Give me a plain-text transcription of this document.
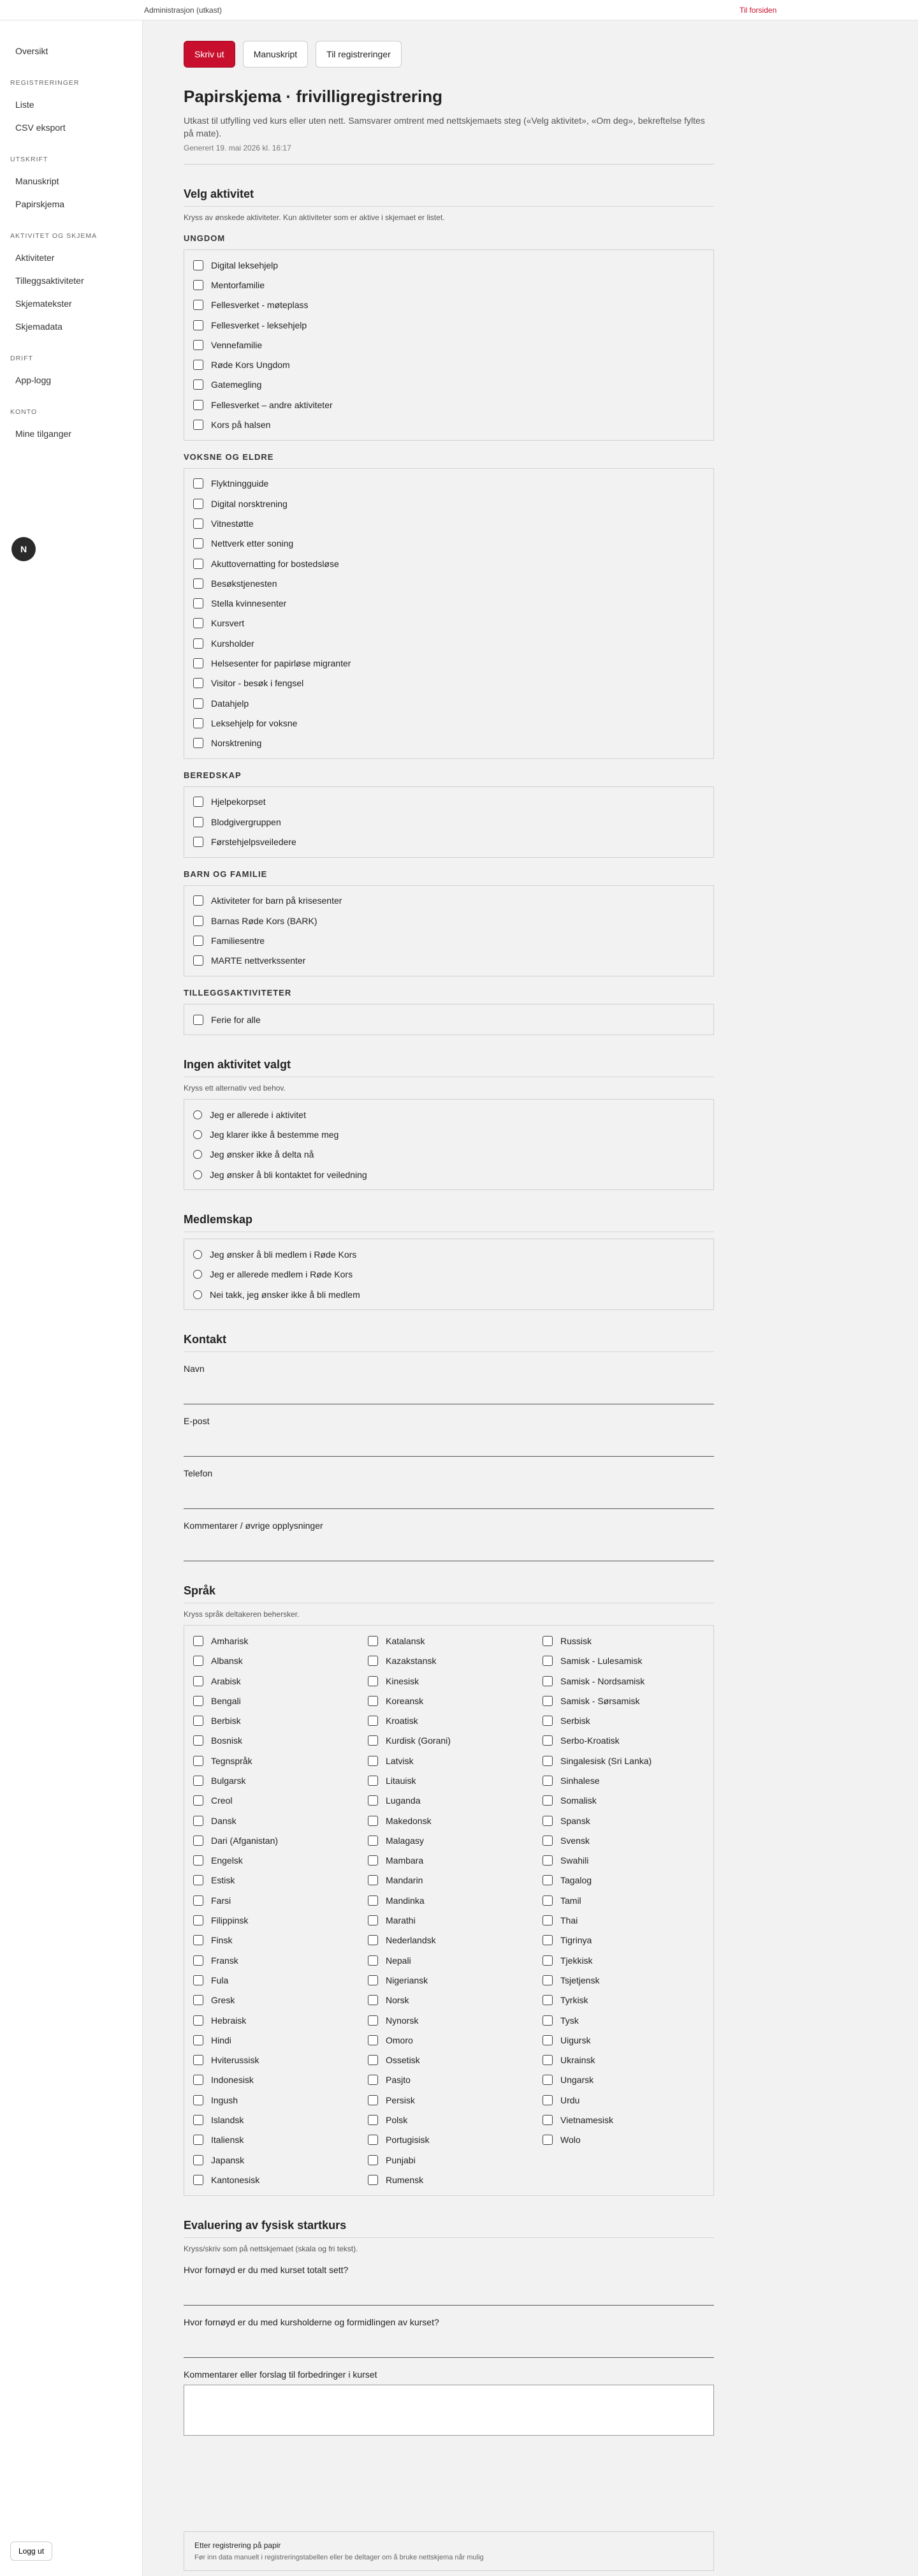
Administrasjon (utkast)	Til forsiden
Oversikt
REGISTRERINGER
Liste
CSV eksport
UTSKRIFT
Manuskript
Papirskjema
AKTIVITET OG SKJEMA
Aktiviteter
Tilleggsaktiviteter
Skjematekster
Skjemadata
DRIFT
App-logg
KONTO
Mine tilganger
N
Logg ut
Skriv ut	Manuskript	Til registreringer
Papirskjema · frivilligregistrering

Utkast til utfylling ved kurs eller uten nett. Samsvarer omtrent med nettskjemaets steg («Velg aktivitet», «Om deg», bekreftelse fyltes på mate).

Generert 19. mai 2026 kl. 16:17

Velg aktivitet

Kryss av ønskede aktiviteter. Kun aktiviteter som er aktive i skjemaet er listet.

UNGDOM
Digital leksehjelp
Mentorfamilie
Fellesverket - møteplass
Fellesverket - leksehjelp
Vennefamilie
Røde Kors Ungdom
Gatemegling
Fellesverket – andre aktiviteter
Kors på halsen
VOKSNE OG ELDRE
Flyktningguide
Digital norsktrening
Vitnestøtte
Nettverk etter soning
Akuttovernatting for bostedsløse
Besøkstjenesten
Stella kvinnesenter
Kursvert
Kursholder
Helsesenter for papirløse migranter
Visitor - besøk i fengsel
Datahjelp
Leksehjelp for voksne
Norsktrening
BEREDSKAP
Hjelpekorpset
Blodgivergruppen
Førstehjelpsveiledere
BARN OG FAMILIE
Aktiviteter for barn på krisesenter
Barnas Røde Kors (BARK)
Familiesentre
MARTE nettverkssenter
TILLEGGSAKTIVITETER
Ferie for alle
Ingen aktivitet valgt

Kryss ett alternativ ved behov.

Jeg er allerede i aktivitet
Jeg klarer ikke å bestemme meg
Jeg ønsker ikke å delta nå
Jeg ønsker å bli kontaktet for veiledning
Medlemskap
Jeg ønsker å bli medlem i Røde Kors
Jeg er allerede medlem i Røde Kors
Nei takk, jeg ønsker ikke å bli medlem
Kontakt
Navn
E-post
Telefon
Kommentarer / øvrige opplysninger
Språk

Kryss språk deltakeren behersker.

Amharisk
Albansk
Arabisk
Bengali
Berbisk
Bosnisk
Tegnspråk
Bulgarsk
Creol
Dansk
Dari (Afganistan)
Engelsk
Estisk
Farsi
Filippinsk
Finsk
Fransk
Fula
Gresk
Hebraisk
Hindi
Hviterussisk
Indonesisk
Ingush
Islandsk
Italiensk
Japansk
Kantonesisk
Katalansk
Kazakstansk
Kinesisk
Koreansk
Kroatisk
Kurdisk (Gorani)
Latvisk
Litauisk
Luganda
Makedonsk
Malagasy
Mambara
Mandarin
Mandinka
Marathi
Nederlandsk
Nepali
Nigeriansk
Norsk
Nynorsk
Omoro
Ossetisk
Pasjto
Persisk
Polsk
Portugisisk
Punjabi
Rumensk
Russisk
Samisk - Lulesamisk
Samisk - Nordsamisk
Samisk - Sørsamisk
Serbisk
Serbo-Kroatisk
Singalesisk (Sri Lanka)
Sinhalese
Somalisk
Spansk
Svensk
Swahili
Tagalog
Tamil
Thai
Tigrinya
Tjekkisk
Tsjetjensk
Tyrkisk
Tysk
Uigursk
Ukrainsk
Ungarsk
Urdu
Vietnamesisk
Wolo
Evaluering av fysisk startkurs

Kryss/skriv som på nettskjemaet (skala og fri tekst).

Hvor fornøyd er du med kurset totalt sett?
Hvor fornøyd er du med kursholderne og formidlingen av kurset?
Kommentarer eller forslag til forbedringer i kurset
Etter registrering på papir
Før inn data manuelt i registreringstabellen eller be deltager om å bruke nettskjema når mulig
